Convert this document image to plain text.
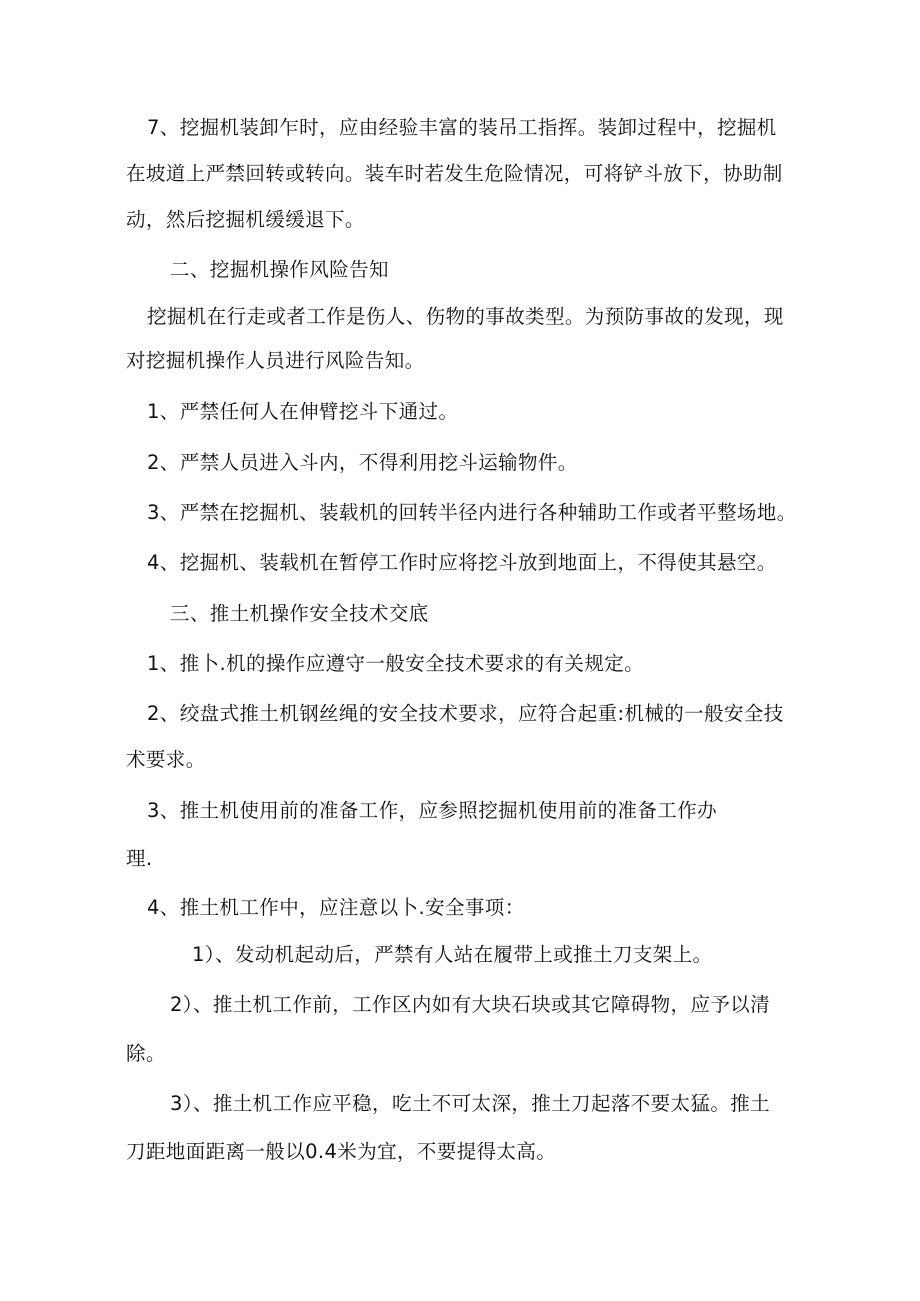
7、挖掘机装卸乍时，应由经验丰富的装吊工指挥。装卸过程中，挖掘机
在坡道上严禁回转或转向。装车时若发生危险情况，可将铲斗放下，协助制
动，然后挖掘机缓缓退下。
二、挖掘机操作风险告知
挖掘机在行走或者工作是伤人、伤物的事故类型。为预防事故的发现，现
对挖掘机操作人员进行风险告知。
1、严禁任何人在伸臂挖斗下通过。
2、严禁人员进入斗内，不得利用挖斗运输物件。
3、严禁在挖掘机、装载机的回转半径内进行各种辅助工作或者平整场地。
4、挖掘机、装载机在暂停工作时应将挖斗放到地面上，不得使其悬空。
三、推土机操作安全技术交底
1、推卜.机的操作应遵守一般安全技术要求的有关规定。
2、绞盘式推土机钢丝绳的安全技术要求，应符合起重:机械的一般安全技
术要求。
3、推土机使用前的准备工作，应参照挖掘机使用前的准备工作办
理.
4、推土机工作中，应注意以卜.安全事项：
1）、发动机起动后，严禁有人站在履带上或推土刀支架上。
2）、推土机工作前，工作区内如有大块石块或其它障碍物，应予以清
除。
3）、推土机工作应平稳，吃土不可太深，推土刀起落不要太猛。推土
刀距地面距离一般以0.4米为宜，不要提得太高。
